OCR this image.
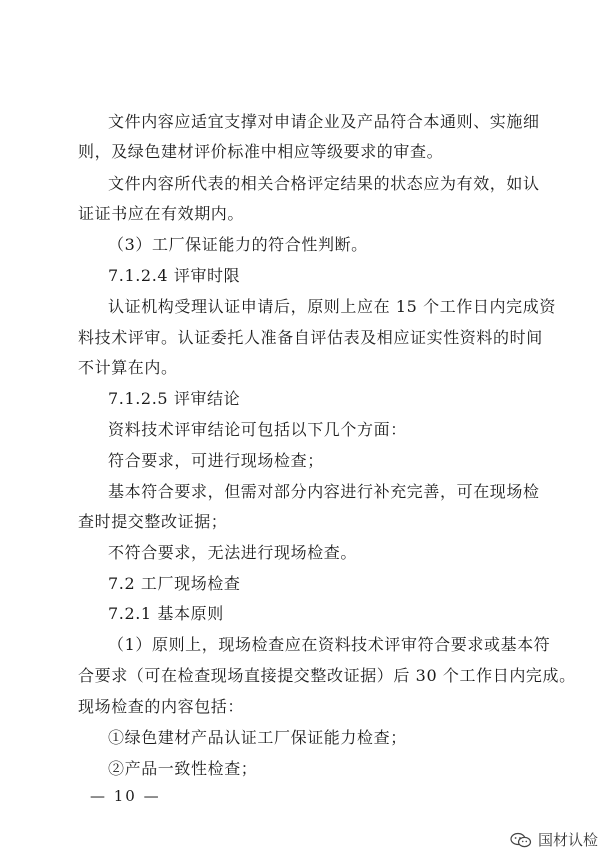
文件内容应适宜支撑对申请企业及产品符合本通则、实施细
则，及绿色建材评价标准中相应等级要求的审查。
文件内容所代表的相关合格评定结果的状态应为有效，如认
证证书应在有效期内。
（3）工厂保证能力的符合性判断。
7.1.2.4 评审时限
认证机构受理认证申请后，原则上应在 15 个工作日内完成资
料技术评审。认证委托人准备自评估表及相应证实性资料的时间
不计算在内。
7.1.2.5 评审结论
资料技术评审结论可包括以下几个方面：
符合要求，可进行现场检查；
基本符合要求，但需对部分内容进行补充完善，可在现场检
查时提交整改证据；
不符合要求，无法进行现场检查。
7.2 工厂现场检查
7.2.1 基本原则
（1）原则上，现场检查应在资料技术评审符合要求或基本符
合要求（可在检查现场直接提交整改证据）后 30 个工作日内完成。
现场检查的内容包括：
①绿色建材产品认证工厂保证能力检查；
②产品一致性检查；
— 10 —
国材认检
